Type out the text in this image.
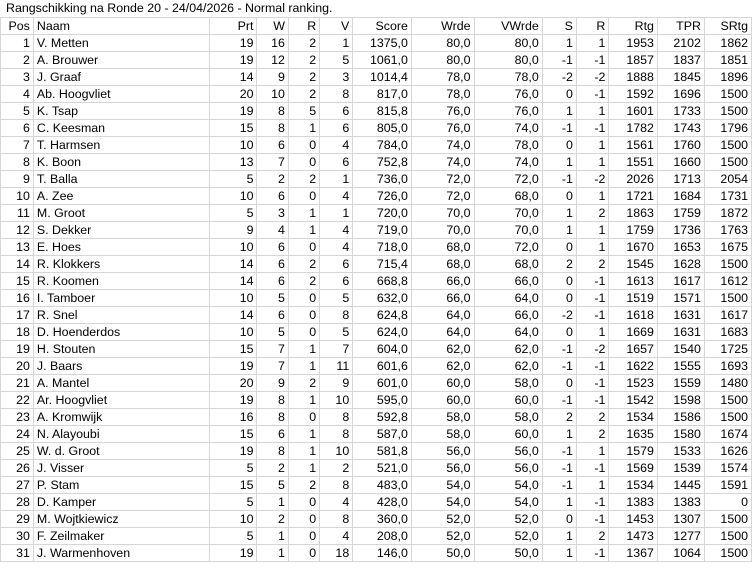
Rangschikking na Ronde 20 - 24/04/2026 - Normal ranking.
Pos	Naam	Prt	W	R	V	Score	Wrde	VWrde	S	R	Rtg	TPR	SRtg
1	V. Metten	19	16	2	1	1375,0	80,0	80,0	1	1	1953	2102	1862
2	A. Brouwer	19	12	2	5	1061,0	80,0	80,0	-1	-1	1857	1837	1851
3	J. Graaf	14	9	2	3	1014,4	78,0	78,0	-2	-2	1888	1845	1896
4	Ab. Hoogvliet	20	10	2	8	817,0	78,0	76,0	0	-1	1592	1696	1500
5	K. Tsap	19	8	5	6	815,8	76,0	76,0	1	1	1601	1733	1500
6	C. Keesman	15	8	1	6	805,0	76,0	74,0	-1	-1	1782	1743	1796
7	T. Harmsen	10	6	0	4	784,0	74,0	78,0	0	1	1561	1760	1500
8	K. Boon	13	7	0	6	752,8	74,0	74,0	1	1	1551	1660	1500
9	T. Balla	5	2	2	1	736,0	72,0	72,0	-1	-2	2026	1713	2054
10	A. Zee	10	6	0	4	726,0	72,0	68,0	0	1	1721	1684	1731
11	M. Groot	5	3	1	1	720,0	70,0	70,0	1	2	1863	1759	1872
12	S. Dekker	9	4	1	4	719,0	70,0	70,0	1	1	1759	1736	1763
13	E. Hoes	10	6	0	4	718,0	68,0	72,0	0	1	1670	1653	1675
14	R. Klokkers	14	6	2	6	715,4	68,0	68,0	2	2	1545	1628	1500
15	R. Koomen	14	6	2	6	668,8	66,0	66,0	0	-1	1613	1617	1612
16	I. Tamboer	10	5	0	5	632,0	66,0	64,0	0	-1	1519	1571	1500
17	R. Snel	14	6	0	8	624,8	64,0	66,0	-2	-1	1618	1631	1617
18	D. Hoenderdos	10	5	0	5	624,0	64,0	64,0	0	1	1669	1631	1683
19	H. Stouten	15	7	1	7	604,0	62,0	62,0	-1	-2	1657	1540	1725
20	J. Baars	19	7	1	11	601,6	62,0	62,0	-1	-1	1622	1555	1693
21	A. Mantel	20	9	2	9	601,0	60,0	58,0	0	-1	1523	1559	1480
22	Ar. Hoogvliet	19	8	1	10	595,0	60,0	60,0	-1	-1	1542	1598	1500
23	A. Kromwijk	16	8	0	8	592,8	58,0	58,0	2	2	1534	1586	1500
24	N. Alayoubi	15	6	1	8	587,0	58,0	60,0	1	2	1635	1580	1674
25	W. d. Groot	19	8	1	10	581,8	56,0	56,0	-1	1	1579	1533	1626
26	J. Visser	5	2	1	2	521,0	56,0	56,0	-1	-1	1569	1539	1574
27	P. Stam	15	5	2	8	483,0	54,0	54,0	-1	1	1534	1445	1591
28	D. Kamper	5	1	0	4	428,0	54,0	54,0	1	-1	1383	1383	0
29	M. Wojtkiewicz	10	2	0	8	360,0	52,0	52,0	0	-1	1453	1307	1500
30	F. Zeilmaker	5	1	0	4	208,0	52,0	52,0	1	2	1473	1277	1500
31	J. Warmenhoven	19	1	0	18	146,0	50,0	50,0	1	-1	1367	1064	1500
